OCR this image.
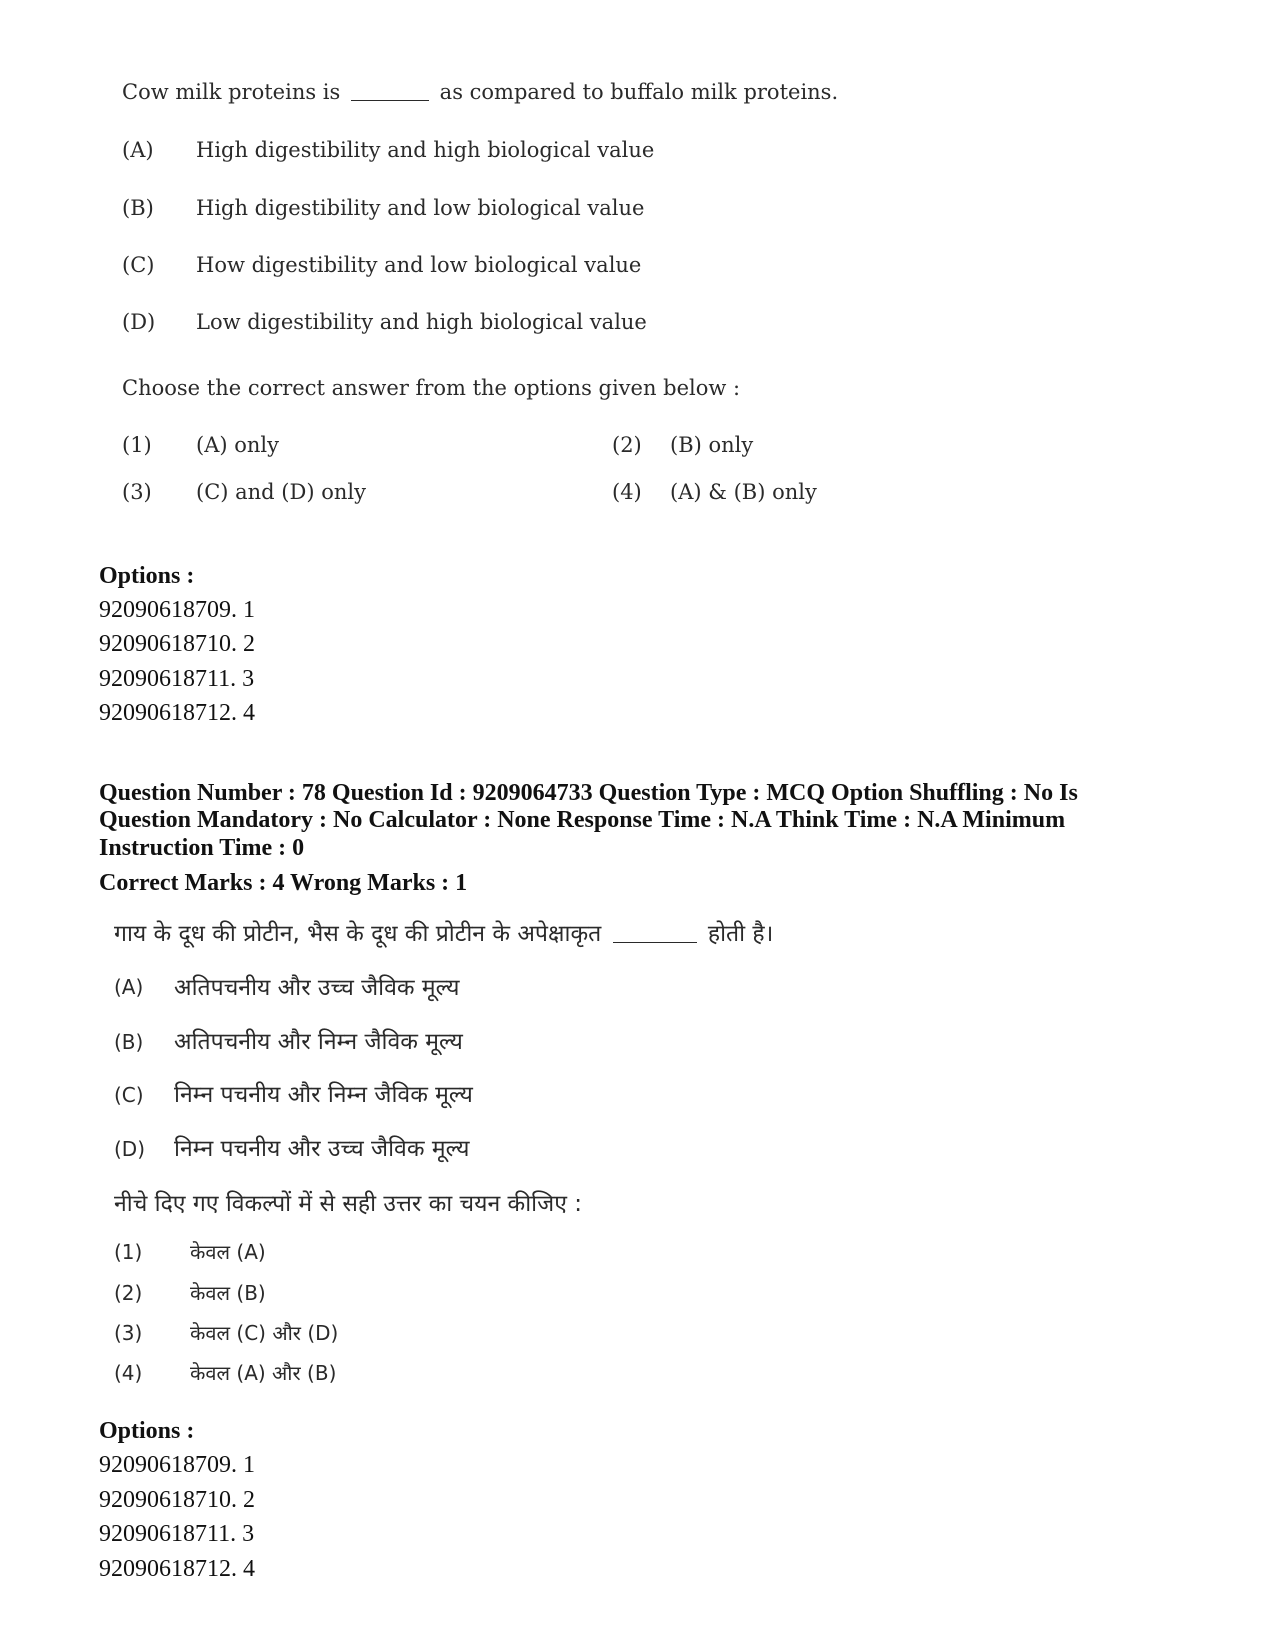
Cow milk proteins is	as compared to buffalo milk proteins.
(A) High digestibility and high biological value
(B) High digestibility and low biological value
(C) How digestibility and low biological value
(D) Low digestibility and high biological value
Choose the correct answer from the options given below :
(1) (A) only	(2) (B) only
(3) (C) and (D) only	(4) (A) & (B) only
Options :
92090618709. 1
92090618710. 2
92090618711. 3
92090618712. 4
Question Number : 78 Question Id : 9209064733 Question Type : MCQ Option Shuffling : No Is
Question Mandatory : No Calculator : None Response Time : N.A Think Time : N.A Minimum
Instruction Time : 0
Correct Marks : 4 Wrong Marks : 1
गाय के दूध की प्रोटीन, भैस के दूध की प्रोटीन के अपेक्षाकृत	होती है।
(A) अतिपचनीय और उच्च जैविक मूल्य
(B) अतिपचनीय और निम्न जैविक मूल्य
(C) निम्न पचनीय और निम्न जैविक मूल्य
(D) निम्न पचनीय और उच्च जैविक मूल्य
नीचे दिए गए विकल्पों में से सही उत्तर का चयन कीजिए :
(1) केवल (A)
(2) केवल (B)
(3) केवल (C) और (D)
(4) केवल (A) और (B)
Options :
92090618709. 1
92090618710. 2
92090618711. 3
92090618712. 4
